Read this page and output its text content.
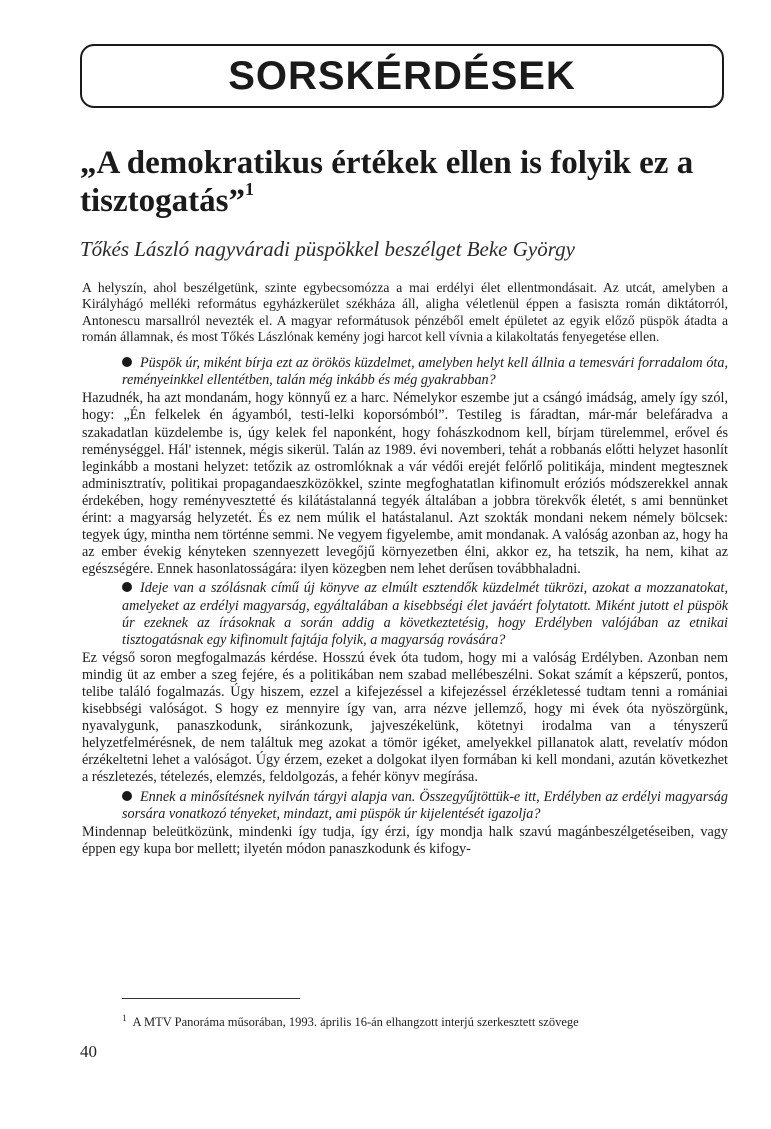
SORSKÉRDÉSEK
„A demokratikus értékek ellen is folyik ez a tisztogatás”$^1$
Tőkés László nagyváradi püspökkel beszélget Beke György

A helyszín, ahol beszélgetünk, szinte egybecsomózza a mai erdélyi élet ellentmondásait. Az utcát, amelyben a Királyhágó melléki református egyházkerület székháza áll, aligha véletlenül éppen a fasiszta román diktátorról, Antonescu marsallról nevezték el. A magyar reformátusok pénzéből emelt épületet az egyik előző püspök átadta a román államnak, és most Tőkés Lászlónak kemény jogi harcot kell vívnia a kilakoltatás fenyegetése ellen.

Püspök úr, miként bírja ezt az örökös küzdelmet, amelyben helyt kell állnia a temesvári forradalom óta, reményeinkkel ellentétben, talán még inkább és még gyakrabban?

Hazudnék, ha azt mondanám, hogy könnyű ez a harc. Némelykor eszembe jut a csángó imádság, amely így szól, hogy: „Én felkelek én ágyamból, testi-lelki koporsómból”. Testileg is fáradtan, már-már belefáradva a szakadatlan küzdelembe is, úgy kelek fel naponként, hogy fohászkodnom kell, bírjam türelemmel, erővel és reménységgel. Hál' istennek, mégis sikerül. Talán az 1989. évi novemberi, tehát a robbanás előtti helyzet hasonlít leginkább a mostani helyzet: tetőzik az ostromlóknak a vár védői erejét felőrlő politikája, mindent megtesznek adminisztratív, politikai propagandaeszközökkel, szinte megfoghatatlan kifinomult eróziós módszerekkel annak érdekében, hogy reményvesztetté és kilátástalanná tegyék általában a jobbra törekvők életét, s ami bennünket érint: a magyarság helyzetét. És ez nem múlik el hatástalanul. Azt szokták mondani nekem némely bölcsek: tegyek úgy, mintha nem történne semmi. Ne vegyem figyelembe, amit mondanak. A valóság azonban az, hogy ha az ember évekig kényteken szennyezett levegőjű környezetben élni, akkor ez, ha tetszik, ha nem, kihat az egészségére. Ennek hasonlatosságára: ilyen közegben nem lehet derűsen továbbhaladni.

Ideje van a szólásnak című új könyve az elmúlt esztendők küzdelmét tükrözi, azokat a mozzanatokat, amelyeket az erdélyi magyarság, egyáltalában a kisebbségi élet javáért folytatott. Miként jutott el püspök úr ezeknek az írásoknak a során addig a következtetésig, hogy Erdélyben valójában az etnikai tisztogatásnak egy kifinomult fajtája folyik, a magyarság rovására?

Ez végső soron megfogalmazás kérdése. Hosszú évek óta tudom, hogy mi a valóság Erdélyben. Azonban nem mindig üt az ember a szeg fejére, és a politikában nem szabad mellébeszélni. Sokat számít a képszerű, pontos, telibe találó fogalmazás. Úgy hiszem, ezzel a kifejezéssel a kifejezéssel érzékletessé tudtam tenni a romániai kisebbségi valóságot. S hogy ez mennyire így van, arra nézve jellemző, hogy mi évek óta nyöszörgünk, nyavalygunk, panaszkodunk, siránkozunk, jajveszékelünk, kötetnyi irodalma van a tényszerű helyzetfelmérésnek, de nem találtuk meg azokat a tömör igéket, amelyekkel pillanatok alatt, revelatív módon érzékeltetni lehet a valóságot. Úgy érzem, ezeket a dolgokat ilyen formában ki kell mondani, azután következhet a részletezés, tételezés, elemzés, feldolgozás, a fehér könyv megírása.

Ennek a minősítésnek nyilván tárgyi alapja van. Összegyűjtöttük-e itt, Erdélyben az erdélyi magyarság sorsára vonatkozó tényeket, mindazt, ami püspök úr kijelentését igazolja?

Mindennap beleütközünk, mindenki így tudja, így érzi, így mondja halk szavú magánbeszélgetéseiben, vagy éppen egy kupa bor mellett; ilyetén módon panaszkodunk és kifogy-

$^1$ A MTV Panoráma műsorában, 1993. április 16-án elhangzott interjú szerkesztett szövege
40
